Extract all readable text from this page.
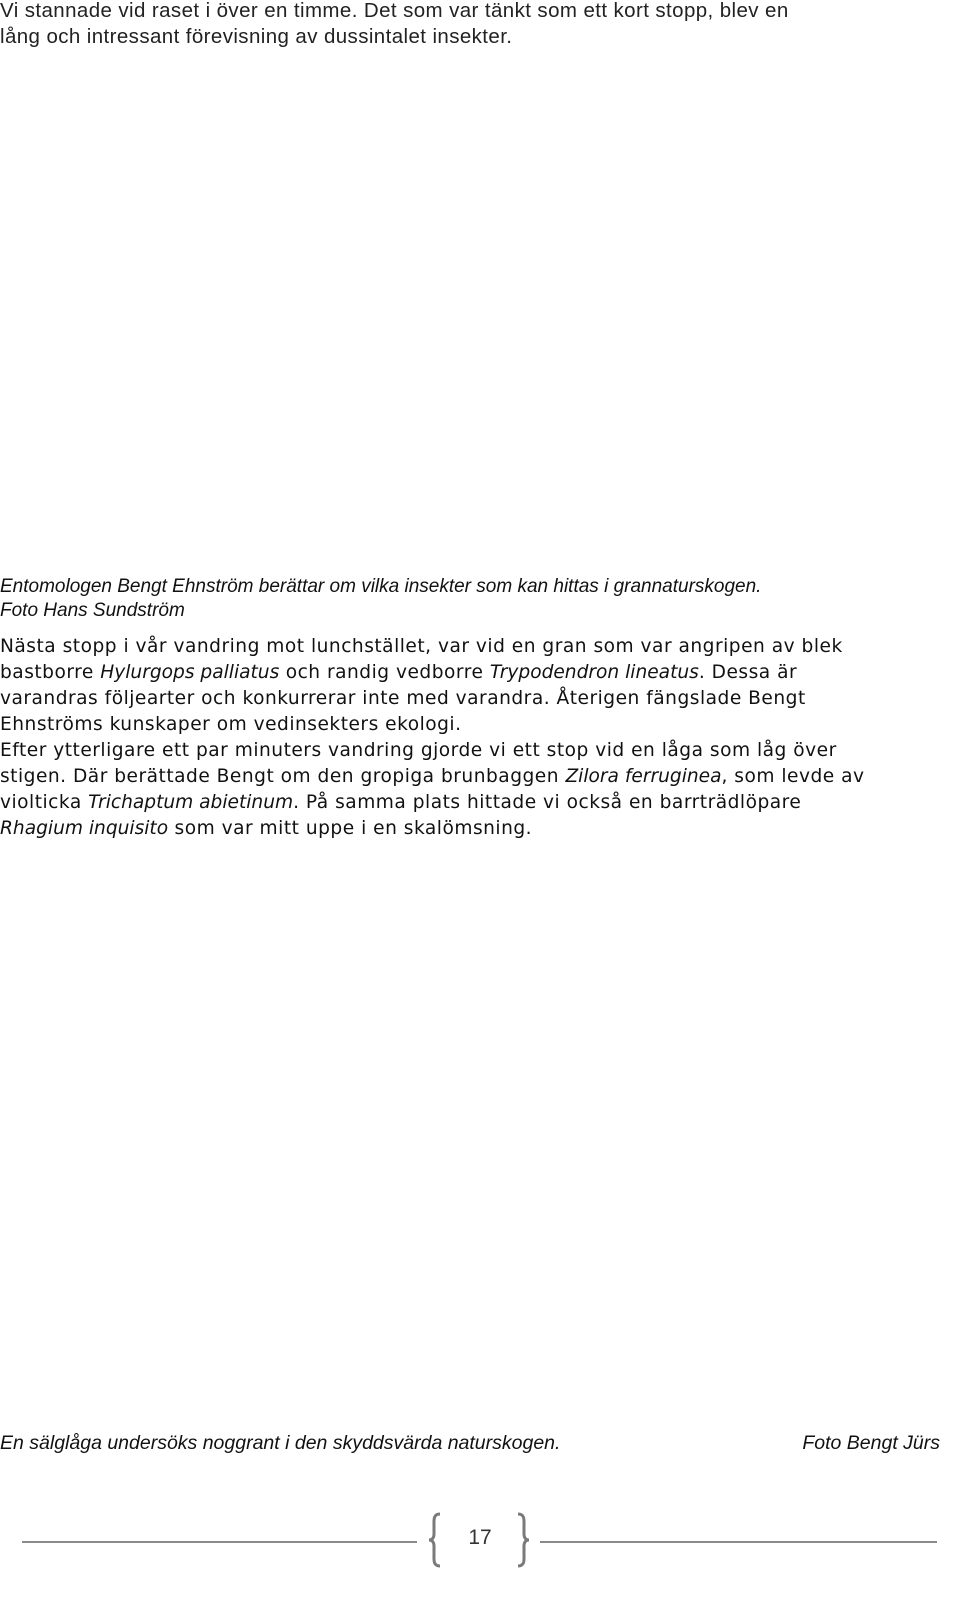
Vi stannade vid raset i över en timme. Det som var tänkt som ett kort stopp, blev en
lång och intressant förevisning av dussintalet insekter.
Entomologen Bengt Ehnström berättar om vilka insekter som kan hittas i grannaturskogen.
Foto Hans Sundström
Nästa stopp i vår vandring mot lunchstället, var vid en gran som var angripen av blek
bastborre Hylurgops palliatus och randig vedborre Trypodendron lineatus. Dessa är
varandras följearter och konkurrerar inte med varandra. Återigen fängslade Bengt
Ehnströms kunskaper om vedinsekters ekologi.
Efter ytterligare ett par minuters vandring gjorde vi ett stop vid en låga som låg över
stigen. Där berättade Bengt om den gropiga brunbaggen Zilora ferruginea, som levde av
violticka Trichaptum abietinum. På samma plats hittade vi också en barrträdlöpare
Rhagium inquisito som var mitt uppe i en skalömsning.
En sälglåga undersöks noggrant i den skyddsvärda naturskogen.	Foto Bengt Jürs
17
